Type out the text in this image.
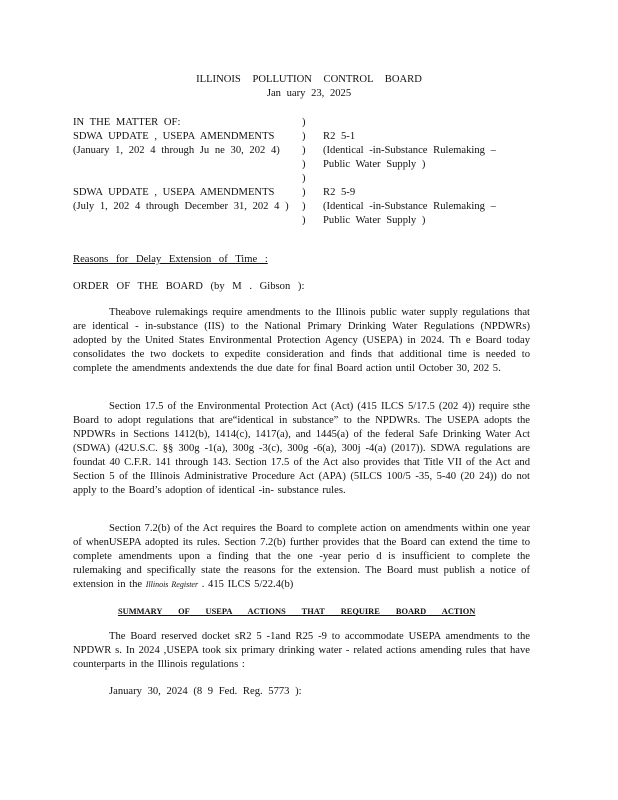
ILLINOIS POLLUTION CONTROL BOARD
Jan uary 23, 2025
IN THE MATTER OF:	)
SDWA UPDATE , USEPA AMENDMENTS	) R2 5-1
(January 1, 202 4 through Ju ne 30, 202 4) ) (Identical -in-Substance Rulemaking –
) Public Water Supply )
)
SDWA UPDATE , USEPA AMENDMENTS	) R2 5-9
(July 1, 202 4 through December 31, 202 4 ) ) (Identical -in-Substance Rulemaking –
) Public Water Supply )
Reasons for Delay Extension of Time :
ORDER OF THE BOARD (by M . Gibson ):
Theabove rulemakings require amendments to the Illinois public water supply regulations that are identical - in-substance (IIS) to the National Primary Drinking Water Regulations (NPDWRs) adopted by the United States Environmental Protection Agency (USEPA) in 2024. Th e Board today consolidates the two dockets to expedite consideration and finds that additional time is needed to complete the amendments andextends the due date for final Board action until October 30, 202 5.
Section 17.5 of the Environmental Protection Act (Act) (415 ILCS 5/17.5 (202 4)) require sthe Board to adopt regulations that are“identical in substance” to the NPDWRs. The USEPA adopts the NPDWRs in Sections 1412(b), 1414(c), 1417(a), and 1445(a) of the federal Safe Drinking Water Act (SDWA) (42U.S.C. §§ 300g -1(a), 300g -3(c), 300g -6(a), 300j -4(a) (2017)). SDWA regulations are foundat 40 C.F.R. 141 through 143. Section 17.5 of the Act also provides that Title VII of the Act and Section 5 of the Illinois Administrative Procedure Act (APA) (5ILCS 100/5 -35, 5-40 (20 24)) do not apply to the Board’s adoption of identical -in- substance rules.
Section 7.2(b) of the Act requires the Board to complete action on amendments within one year of whenUSEPA adopted its rules. Section 7.2(b) further provides that the Board can extend the time to complete amendments upon a finding that the one -year perio d is insufficient to complete the rulemaking and specifically state the reasons for the extension. The Board must publish a notice of extension in the Illinois Register . 415 ILCS 5/22.4(b)
SUMMARY OF USEPA ACTIONS THAT REQUIRE BOARD ACTION
The Board reserved docket sR2 5 -1and R25 -9 to accommodate USEPA amendments to the NPDWR s. In 2024 ,USEPA took six primary drinking water - related actions amending rules that have counterparts in the Illinois regulations :
January 30, 2024 (8 9 Fed. Reg. 5773 ):
